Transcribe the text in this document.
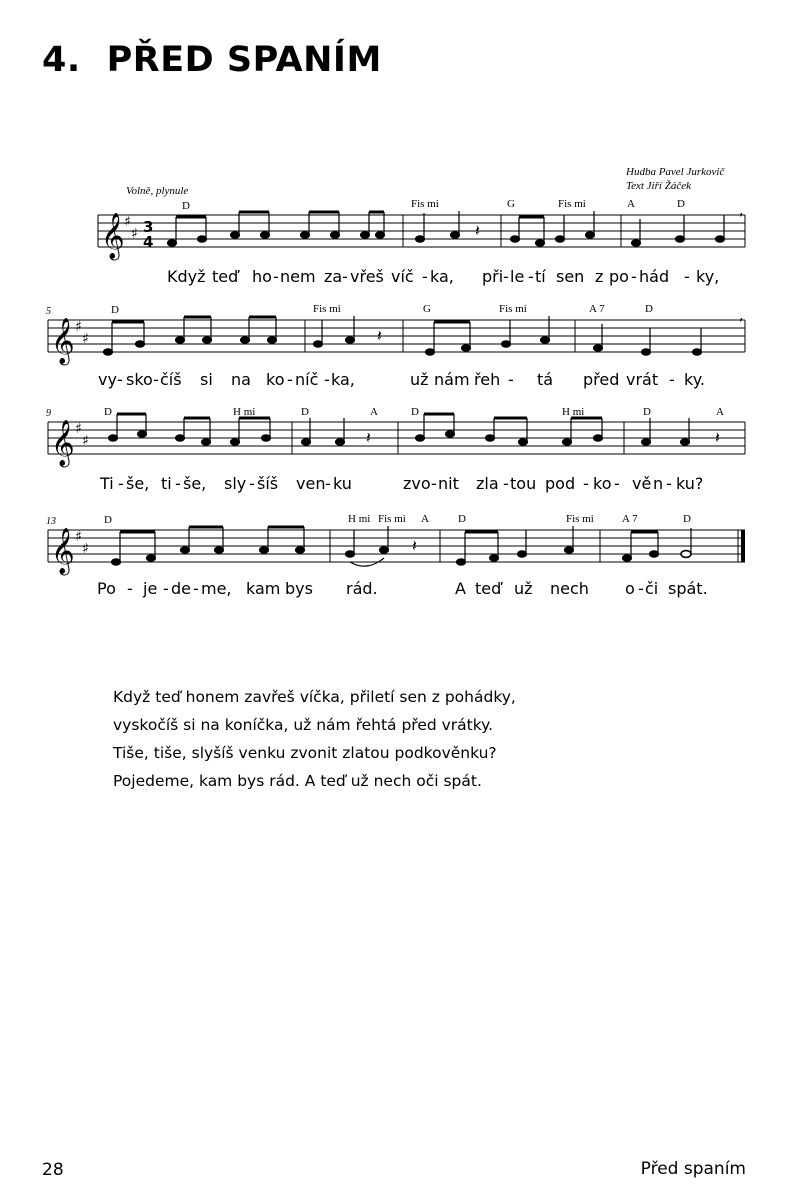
4. PŘED SPANÍM
Hudba Pavel Jurkovič
Text Jiří Žáček
Volně, plynule
𝄞 ♯
♯ 3
4
,
𝄽
D	Fis mi	G	Fis mi	A	D
Když teď ho - nem za - vřeš víč - ka, při - le - tí sen z po - hád - ky,
𝄞 ♯
♯
,
𝄽
5	D	Fis mi	G	Fis mi	A 7	D
vy - sko - číš si na ko - níč - ka,	už nám řeh - tá před vrát - ky.
𝄞 ♯
♯	𝄽	𝄽
9	D	H mi	D	A	D	H mi	D	A
Ti - še, ti - še, sly - šíš ven - ku	zvo - nit zla - tou pod - ko - vě n - ku?
𝄞 ♯
♯	𝄽
13	D	H mi Fis mi A	D	Fis mi	A 7	D
Po - je - de - me, kam bys rád.	A teď už nech o - či spát.
Když teď honem zavřeš víčka, přiletí sen z pohádky,
vyskočíš si na koníčka, už nám řehtá před vrátky.
Tiše, tiše, slyšíš venku zvonit zlatou podkověnku?
Pojedeme, kam bys rád. A teď už nech oči spát.
28	Před spaním
